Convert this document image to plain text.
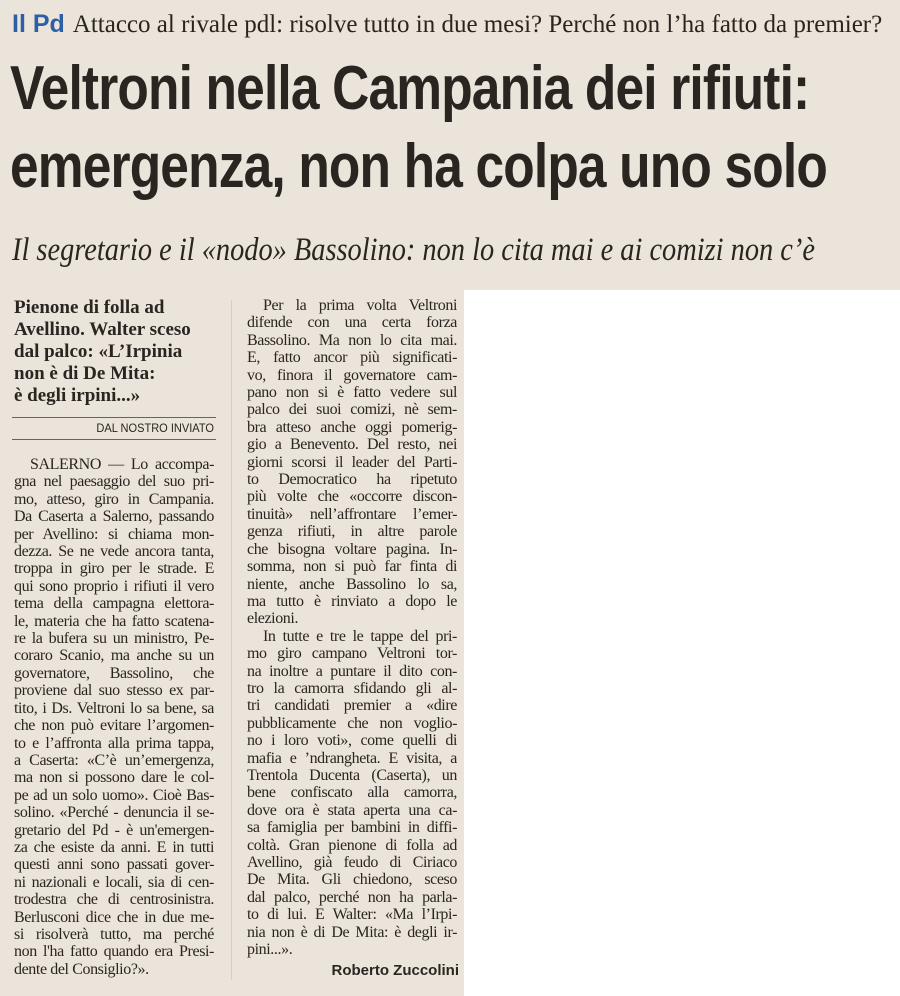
Il Pd Attacco al rivale pdl: risolve tutto in due mesi? Perché non l’ha fatto da premier?
Veltroni nella Campania dei rifiuti:
emergenza, non ha colpa uno solo
Il segretario e il «nodo» Bassolino: non lo cita mai e ai comizi non c’è
Pienone di folla ad
Avellino. Walter sceso
dal palco: «L’Irpinia
non è di De Mita:
è degli irpini...»
DAL NOSTRO INVIATO
SALERNO — Lo accompa-
gna nel paesaggio del suo pri-
mo, atteso, giro in Campania.
Da Caserta a Salerno, passando
per Avellino: si chiama mon-
dezza. Se ne vede ancora tanta,
troppa in giro per le strade. E
qui sono proprio i rifiuti il vero
tema della campagna elettora-
le, materia che ha fatto scatena-
re la bufera su un ministro, Pe-
coraro Scanio, ma anche su un
governatore, Bassolino, che
proviene dal suo stesso ex par-
tito, i Ds. Veltroni lo sa bene, sa
che non può evitare l’argomen-
to e l’affronta alla prima tappa,
a Caserta: «C’è un’emergenza,
ma non si possono dare le col-
pe ad un solo uomo». Cioè Bas-
solino. «Perché - denuncia il se-
gretario del Pd - è un'emergen-
za che esiste da anni. E in tutti
questi anni sono passati gover-
ni nazionali e locali, sia di cen-
trodestra che di centrosinistra.
Berlusconi dice che in due me-
si risolverà tutto, ma perché
non l'ha fatto quando era Presi-
dente del Consiglio?».
Per la prima volta Veltroni
difende con una certa forza
Bassolino. Ma non lo cita mai.
E, fatto ancor più significati-
vo, finora il governatore cam-
pano non si è fatto vedere sul
palco dei suoi comizi, nè sem-
bra atteso anche oggi pomerig-
gio a Benevento. Del resto, nei
giorni scorsi il leader del Parti-
to Democratico ha ripetuto
più volte che «occorre discon-
tinuità» nell’affrontare l’emer-
genza rifiuti, in altre parole
che bisogna voltare pagina. In-
somma, non si può far finta di
niente, anche Bassolino lo sa,
ma tutto è rinviato a dopo le
elezioni.
In tutte e tre le tappe del pri-
mo giro campano Veltroni tor-
na inoltre a puntare il dito con-
tro la camorra sfidando gli al-
tri candidati premier a «dire
pubblicamente che non voglio-
no i loro voti», come quelli di
mafia e ’ndrangheta. E visita, a
Trentola Ducenta (Caserta), un
bene confiscato alla camorra,
dove ora è stata aperta una ca-
sa famiglia per bambini in diffi-
coltà. Gran pienone di folla ad
Avellino, già feudo di Ciriaco
De Mita. Gli chiedono, sceso
dal palco, perché non ha parla-
to di lui. E Walter: «Ma l’Irpi-
nia non è di De Mita: è degli ir-
pini...».
Roberto Zuccolini
